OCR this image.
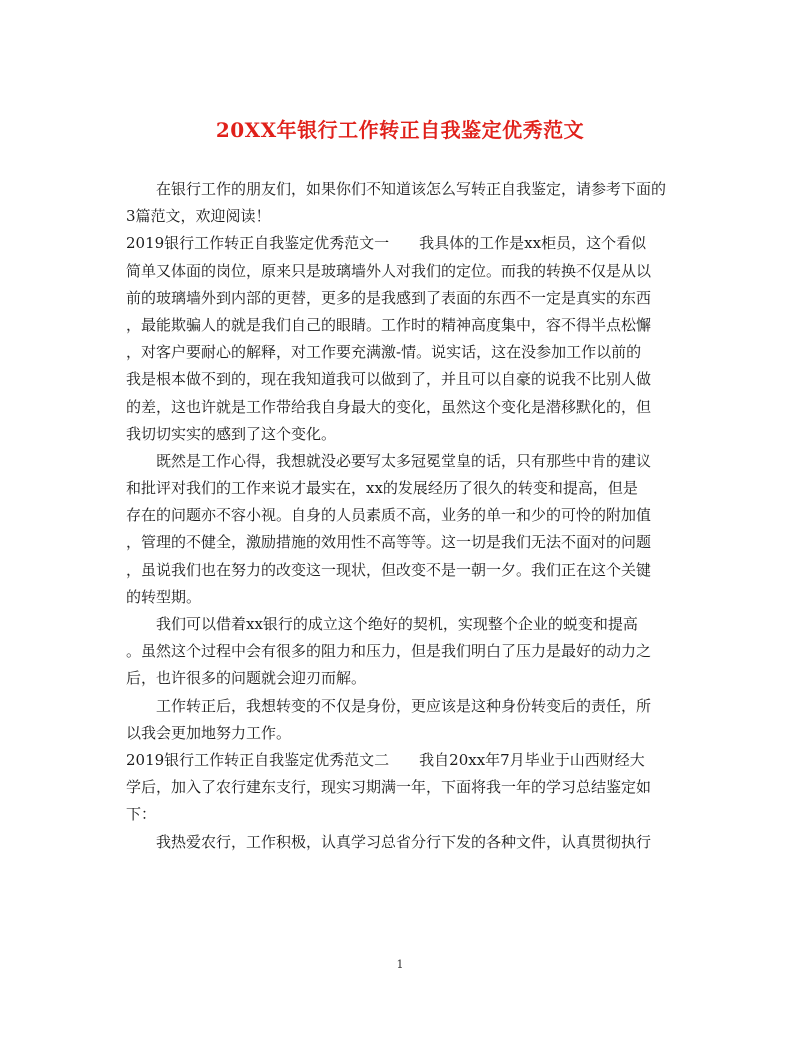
20XX年银行工作转正自我鉴定优秀范文
在银行工作的朋友们，如果你们不知道该怎么写转正自我鉴定，请参考下面的
3篇范文，欢迎阅读！
2019银行工作转正自我鉴定优秀范文一　　我具体的工作是xx柜员，这个看似
简单又体面的岗位，原来只是玻璃墙外人对我们的定位。而我的转换不仅是从以
前的玻璃墙外到内部的更替，更多的是我感到了表面的东西不一定是真实的东西
，最能欺骗人的就是我们自己的眼睛。工作时的精神高度集中，容不得半点松懈
，对客户要耐心的解释，对工作要充满激-情。说实话，这在没参加工作以前的
我是根本做不到的，现在我知道我可以做到了，并且可以自豪的说我不比别人做
的差，这也许就是工作带给我自身最大的变化，虽然这个变化是潜移默化的，但
我切切实实的感到了这个变化。
既然是工作心得，我想就没必要写太多冠冕堂皇的话，只有那些中肯的建议
和批评对我们的工作来说才最实在，xx的发展经历了很久的转变和提高，但是
存在的问题亦不容小视。自身的人员素质不高，业务的单一和少的可怜的附加值
，管理的不健全，激励措施的效用性不高等等。这一切是我们无法不面对的问题
，虽说我们也在努力的改变这一现状，但改变不是一朝一夕。我们正在这个关键
的转型期。
我们可以借着xx银行的成立这个绝好的契机，实现整个企业的蜕变和提高
。虽然这个过程中会有很多的阻力和压力，但是我们明白了压力是最好的动力之
后，也许很多的问题就会迎刃而解。
工作转正后，我想转变的不仅是身份，更应该是这种身份转变后的责任，所
以我会更加地努力工作。
2019银行工作转正自我鉴定优秀范文二　　我自20xx年7月毕业于山西财经大
学后，加入了农行建东支行，现实习期满一年，下面将我一年的学习总结鉴定如
下：
我热爱农行，工作积极，认真学习总省分行下发的各种文件，认真贯彻执行
1
